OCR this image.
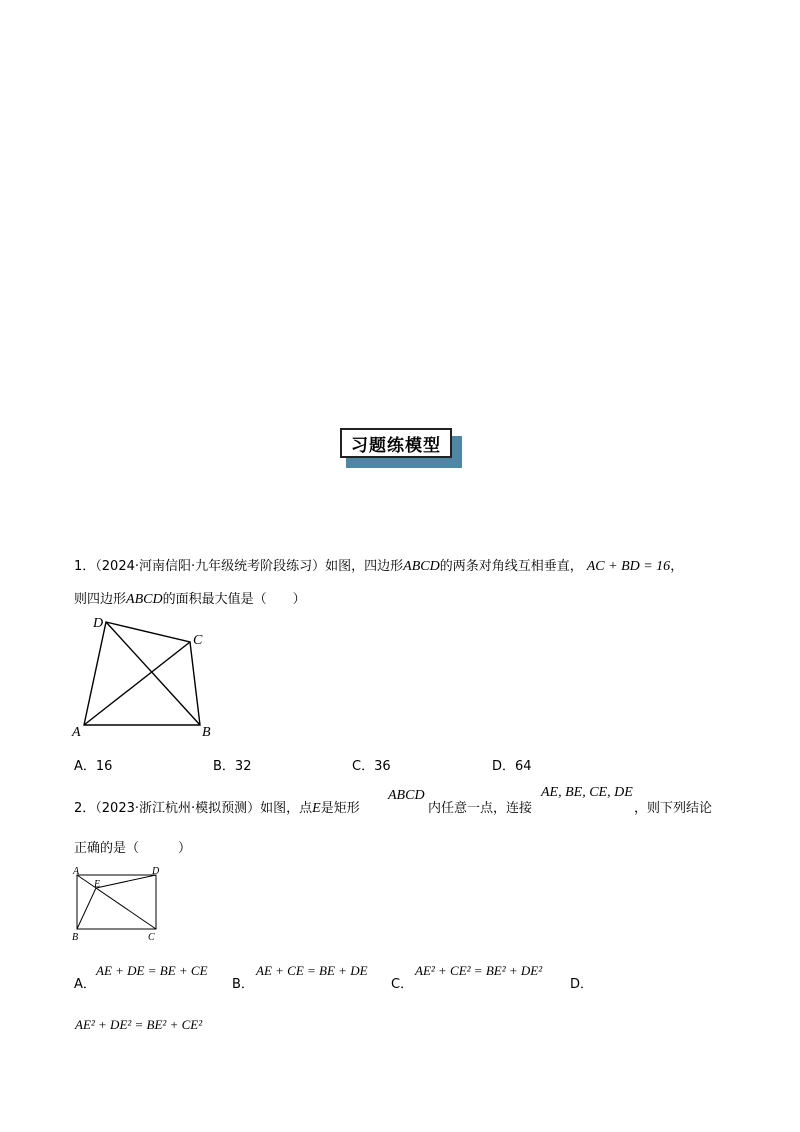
习题练模型
1．（2024·河南信阳·九年级统考阶段练习）如图，四边形ABCD的两条对角线互相垂直， AC + BD = 16，
则四边形ABCD的面积最大值是（　　）
D
C
A	B
A．16	B．32	C．36	D．64
2．（2023·浙江杭州·模拟预测）如图，点E是矩形
ABCD
内任意一点，连接
AE, BE, CE, DE
，则下列结论
正确的是（　　　）
A	D
E
B	C
A．
AE + DE = BE + CE
B．
AE + CE = BE + DE
C．
AE² + CE² = BE² + DE²
D．
AE² + DE² = BE² + CE²
